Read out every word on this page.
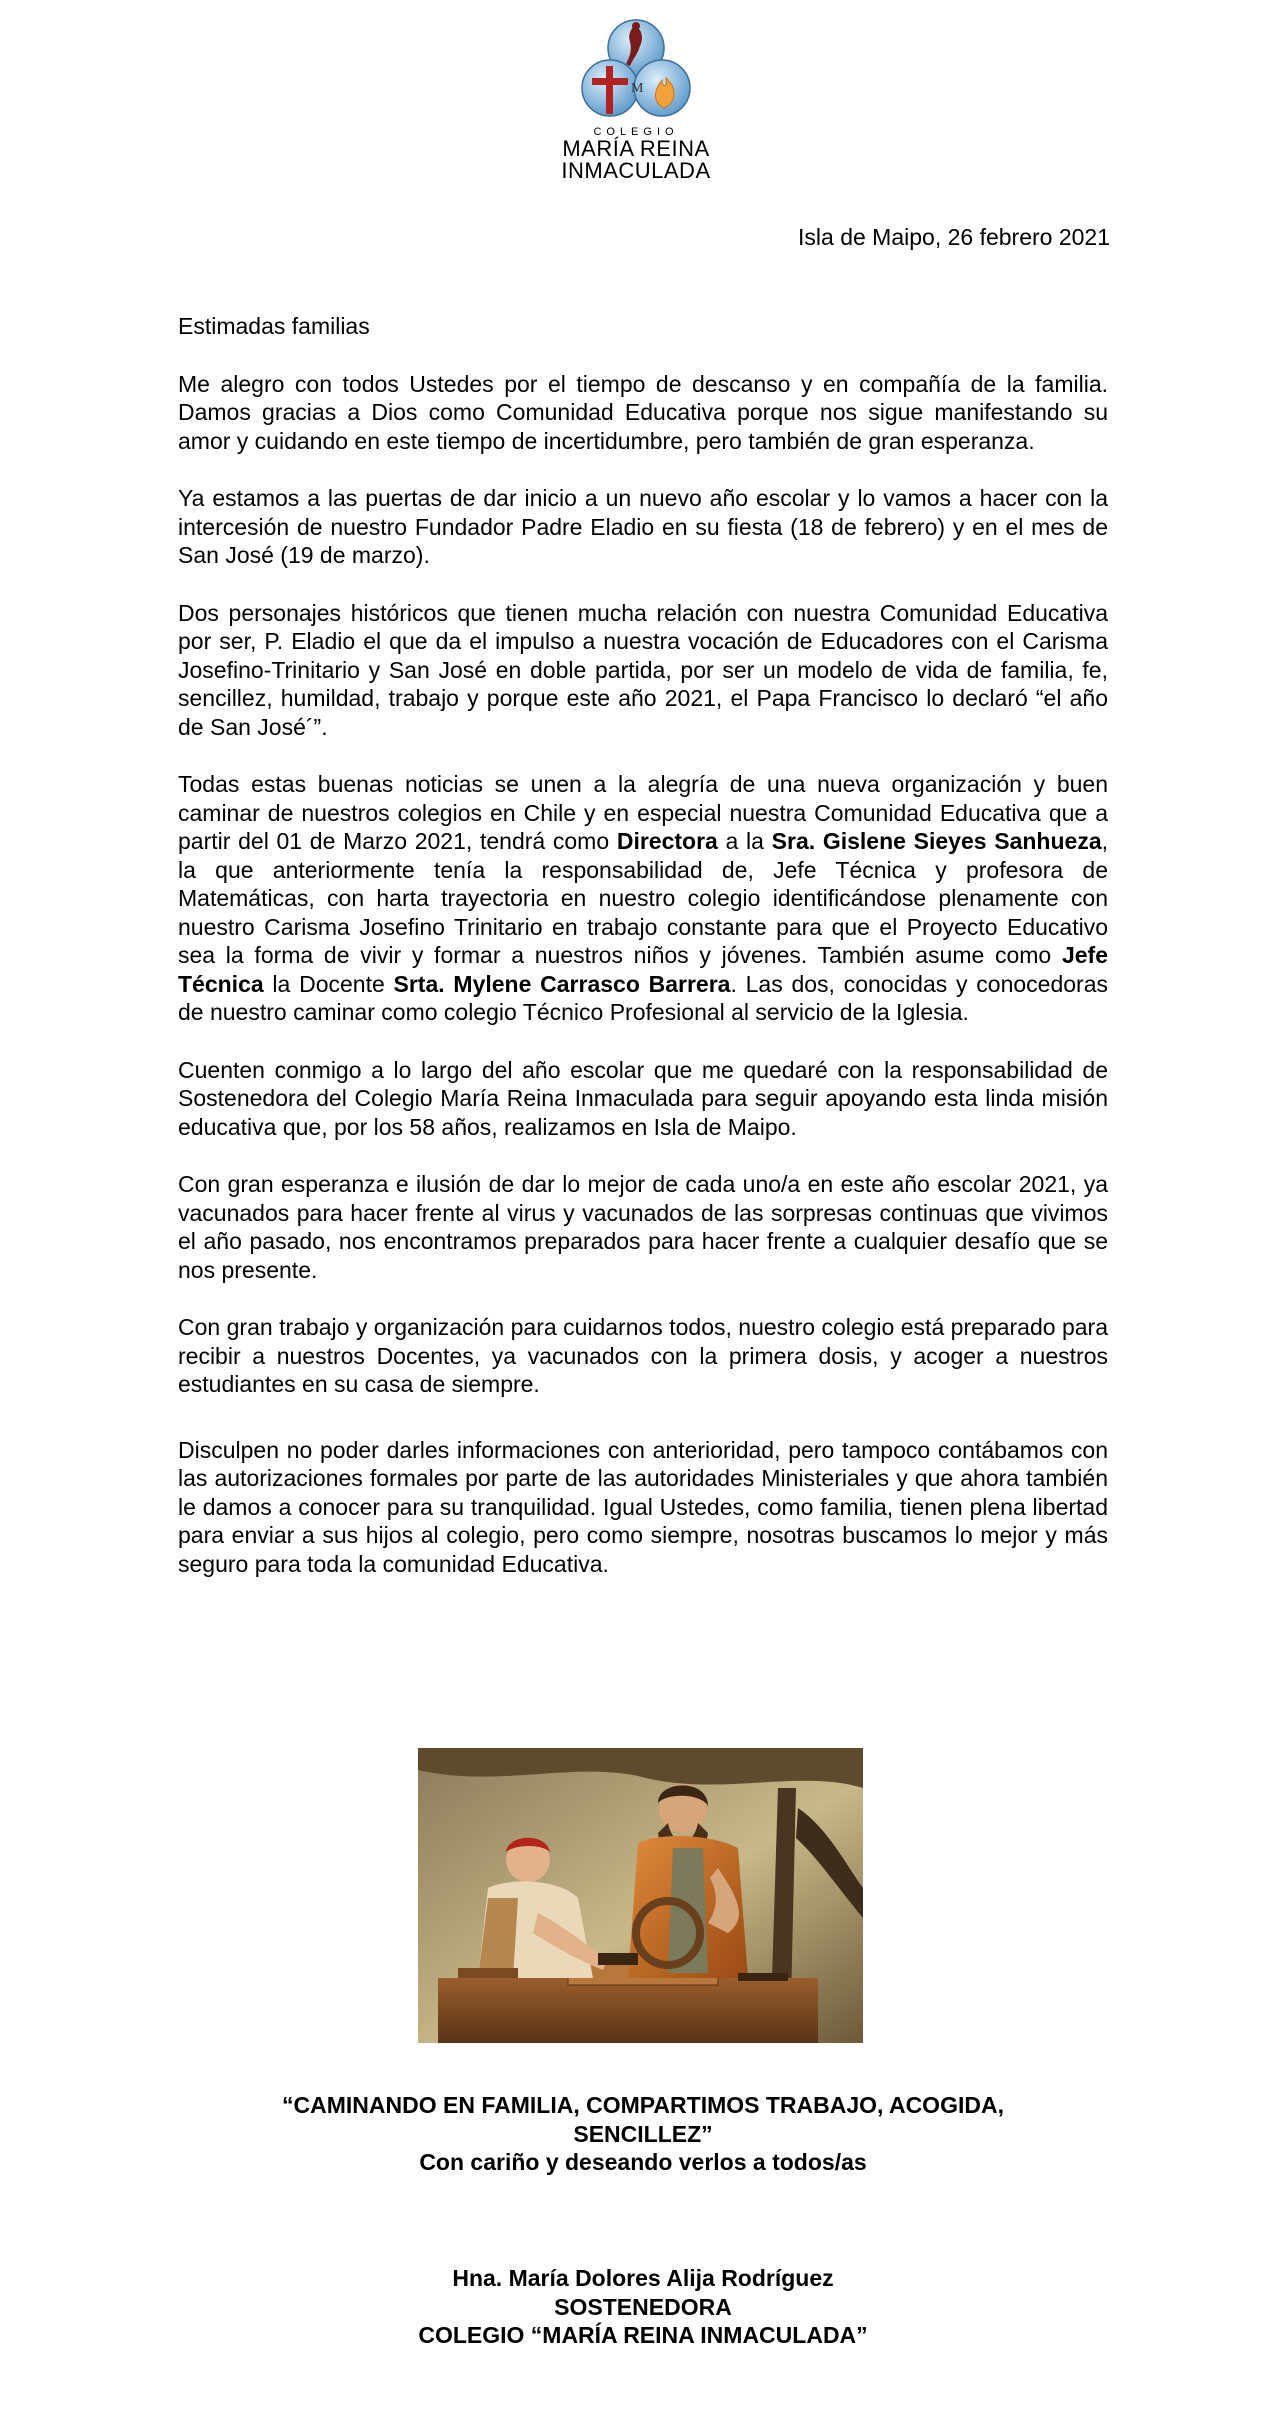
M
COLEGIO
MARÍA REINA
INMACULADA
Isla de Maipo, 26 febrero 2021

Estimadas familias

Me alegro con todos Ustedes por el tiempo de descanso y en compañía de la familia. Damos gracias a Dios como Comunidad Educativa porque nos sigue manifestando su amor y cuidando en este tiempo de incertidumbre, pero también de gran esperanza.

Ya estamos a las puertas de dar inicio a un nuevo año escolar y lo vamos a hacer con la intercesión de nuestro Fundador Padre Eladio en su fiesta (18 de febrero) y en el mes de San José (19 de marzo).

Dos personajes históricos que tienen mucha relación con nuestra Comunidad Educativa por ser, P. Eladio el que da el impulso a nuestra vocación de Educadores con el Carisma Josefino-Trinitario y San José en doble partida, por ser un modelo de vida de familia, fe, sencillez, humildad, trabajo y porque este año 2021, el Papa Francisco lo declaró “el año de San José´”.

Todas estas buenas noticias se unen a la alegría de una nueva organización y buen caminar de nuestros colegios en Chile y en especial nuestra Comunidad Educativa que a partir del 01 de Marzo 2021, tendrá como Directora a la Sra. Gislene Sieyes Sanhueza, la que anteriormente tenía la responsabilidad de, Jefe Técnica y profesora de Matemáticas, con harta trayectoria en nuestro colegio identificándose plenamente con nuestro Carisma Josefino Trinitario en trabajo constante para que el Proyecto Educativo sea la forma de vivir y formar a nuestros niños y jóvenes. También asume como Jefe Técnica la Docente Srta. Mylene Carrasco Barrera. Las dos, conocidas y conocedoras de nuestro caminar como colegio Técnico Profesional al servicio de la Iglesia.

Cuenten conmigo a lo largo del año escolar que me quedaré con la responsabilidad de Sostenedora del Colegio María Reina Inmaculada para seguir apoyando esta linda misión educativa que, por los 58 años, realizamos en Isla de Maipo.

Con gran esperanza e ilusión de dar lo mejor de cada uno/a en este año escolar 2021, ya vacunados para hacer frente al virus y vacunados de las sorpresas continuas que vivimos el año pasado, nos encontramos preparados para hacer frente a cualquier desafío que se nos presente.

Con gran trabajo y organización para cuidarnos todos, nuestro colegio está preparado para recibir a nuestros Docentes, ya vacunados con la primera dosis, y acoger a nuestros estudiantes en su casa de siempre.

Disculpen no poder darles informaciones con anterioridad, pero tampoco contábamos con las autorizaciones formales por parte de las autoridades Ministeriales y que ahora también le damos a conocer para su tranquilidad. Igual Ustedes, como familia, tienen plena libertad para enviar a sus hijos al colegio, pero como siempre, nosotras buscamos lo mejor y más seguro para toda la comunidad Educativa.

“CAMINANDO EN FAMILIA, COMPARTIMOS TRABAJO, ACOGIDA,
SENCILLEZ”
Con cariño y deseando verlos a todos/as
Hna. María Dolores Alija Rodríguez
SOSTENEDORA
COLEGIO “MARÍA REINA INMACULADA”
